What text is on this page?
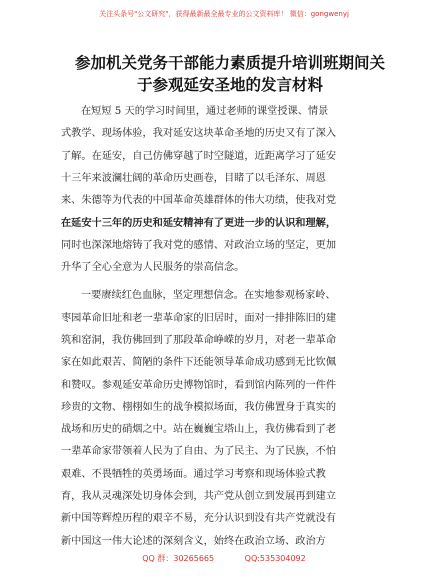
关注头条号"公文研究"，获得最新最全最专业的公文资料库！ 微信：gongwenyj
参加机关党务干部能力素质提升培训班期间关
于参观延安圣地的发言材料
在短短 5 天的学习时间里，通过老师的课堂授课、情景
式教学、现场体验，我对延安这块革命圣地的历史又有了深入
了解。在延安，自己仿佛穿越了时空隧道，近距离学习了延安
十三年来波澜壮阔的革命历史画卷，目睹了以毛泽东、周恩
来、朱德等为代表的中国革命英雄群体的伟大功绩，使我对党
在延安十三年的历史和延安精神有了更进一步的认识和理解，
同时也深深地熔铸了我对党的感情、对政治立场的坚定，更加
升华了全心全意为人民服务的崇高信念。
一要赓续红色血脉，坚定理想信念。在实地参观杨家岭、
枣园革命旧址和老一辈革命家的旧居时，面对一排排陈旧的建
筑和窑洞，我仿佛回到了那段革命峥嵘的岁月，对老一辈革命
家在如此艰苦、简陋的条件下还能领导革命成功感到无比钦佩
和赞叹。参观延安革命历史博物馆时，看到馆内陈列的一件件
珍贵的文物、栩栩如生的战争模拟场面，我仿佛置身于真实的
战场和历史的硝烟之中。站在巍巍宝塔山上，我仿佛看到了老
一辈革命家带领着人民为了自由、为了民主、为了民族，不怕
艰难、不畏牺牲的英勇场面。通过学习考察和现场体验式教
育，我从灵魂深处切身体会到，共产党从创立到发展再到建立
新中国等辉煌历程的艰辛不易，充分认识到没有共产党就没有
新中国这一伟大论述的深刻含义，始终在政治立场、政治方
QQ 群：30265665	QQ:535304092
